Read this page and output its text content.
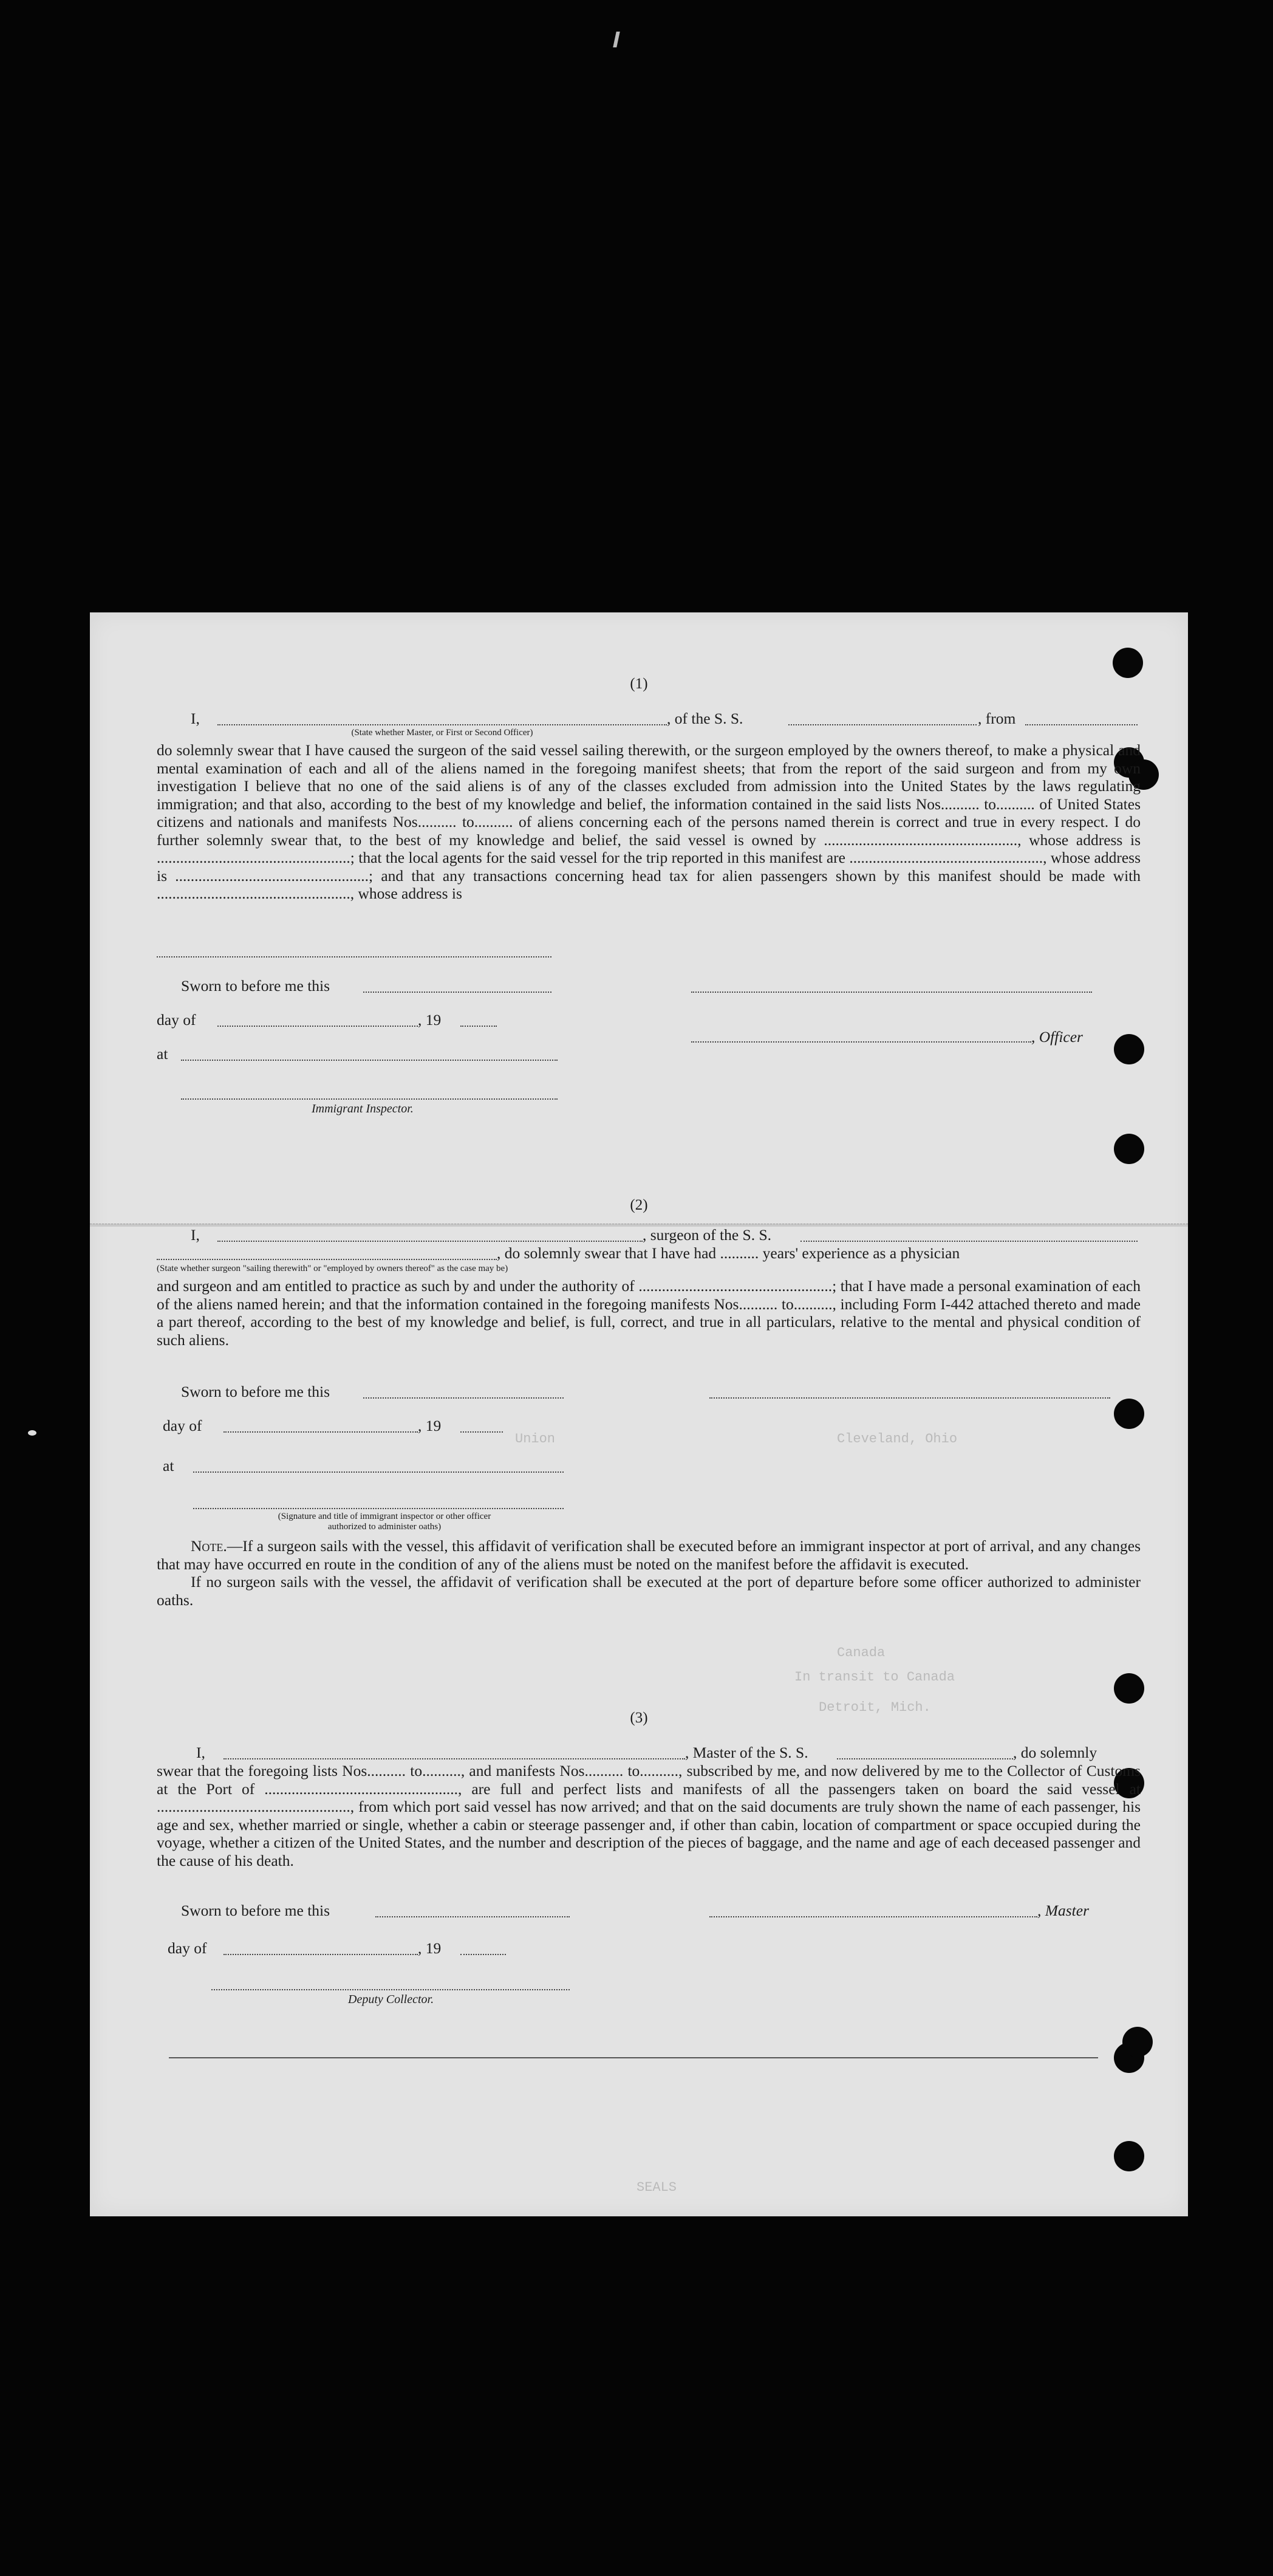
Cleveland, Ohio
In transit to Canada
Canada
Detroit, Mich.
Union
SEALS
(1)
I,	, of the S. S.	, from
(State whether Master, or First or Second Officer)

do solemnly swear that I have caused the surgeon of the said vessel sailing therewith, or the surgeon employed by the owners thereof, to make a physical and mental examination of each and all of the aliens named in the foregoing manifest sheets; that from the report of the said surgeon and from my own investigation I believe that no one of the said aliens is of any of the classes excluded from admission into the United States by the laws regulating immigration; and that also, according to the best of my knowledge and belief, the information contained in the said lists Nos.......... to.......... of United States citizens and nationals and manifests Nos.......... to.......... of aliens concerning each of the persons named therein is correct and true in every respect. I do further solemnly swear that, to the best of my knowledge and belief, the said vessel is owned by .................................................., whose address is ..................................................; that the local agents for the said vessel for the trip reported in this manifest are .................................................., whose address is ..................................................; and that any transactions concerning head tax for alien passengers shown by this manifest should be made with .................................................., whose address is

Sworn to before me this
day of	, 19
, Officer
at
Immigrant Inspector.
(2)
I,	, surgeon of the S. S.
, do solemnly swear that I have had .......... years' experience as a physician
(State whether surgeon "sailing therewith" or "employed by owners thereof" as the case may be)

and surgeon and am entitled to practice as such by and under the authority of ..................................................; that I have made a personal examination of each of the aliens named herein; and that the information contained in the foregoing manifests Nos.......... to.........., including Form I-442 attached thereto and made a part thereof, according to the best of my knowledge and belief, is full, correct, and true in all particulars, relative to the mental and physical condition of such aliens.

Sworn to before me this
day of	, 19
at
(Signature and title of immigrant inspector or other officer authorized to administer oaths)

Note.—If a surgeon sails with the vessel, this affidavit of verification shall be executed before an immigrant inspector at port of arrival, and any changes that may have occurred en route in the condition of any of the aliens must be noted on the manifest before the affidavit is executed.

If no surgeon sails with the vessel, the affidavit of verification shall be executed at the port of departure before some officer authorized to administer oaths.

(3)
I,	, Master of the S. S.	, do solemnly

swear that the foregoing lists Nos.......... to.........., and manifests Nos.......... to.........., subscribed by me, and now delivered by me to the Collector of Customs at the Port of .................................................., are full and perfect lists and manifests of all the passengers taken on board the said vessel at .................................................., from which port said vessel has now arrived; and that on the said documents are truly shown the name of each passenger, his age and sex, whether married or single, whether a cabin or steerage passenger and, if other than cabin, location of compartment or space occupied during the voyage, whether a citizen of the United States, and the number and description of the pieces of baggage, and the name and age of each deceased passenger and the cause of his death.

Sworn to before me this	, Master
day of	, 19
Deputy Collector.
